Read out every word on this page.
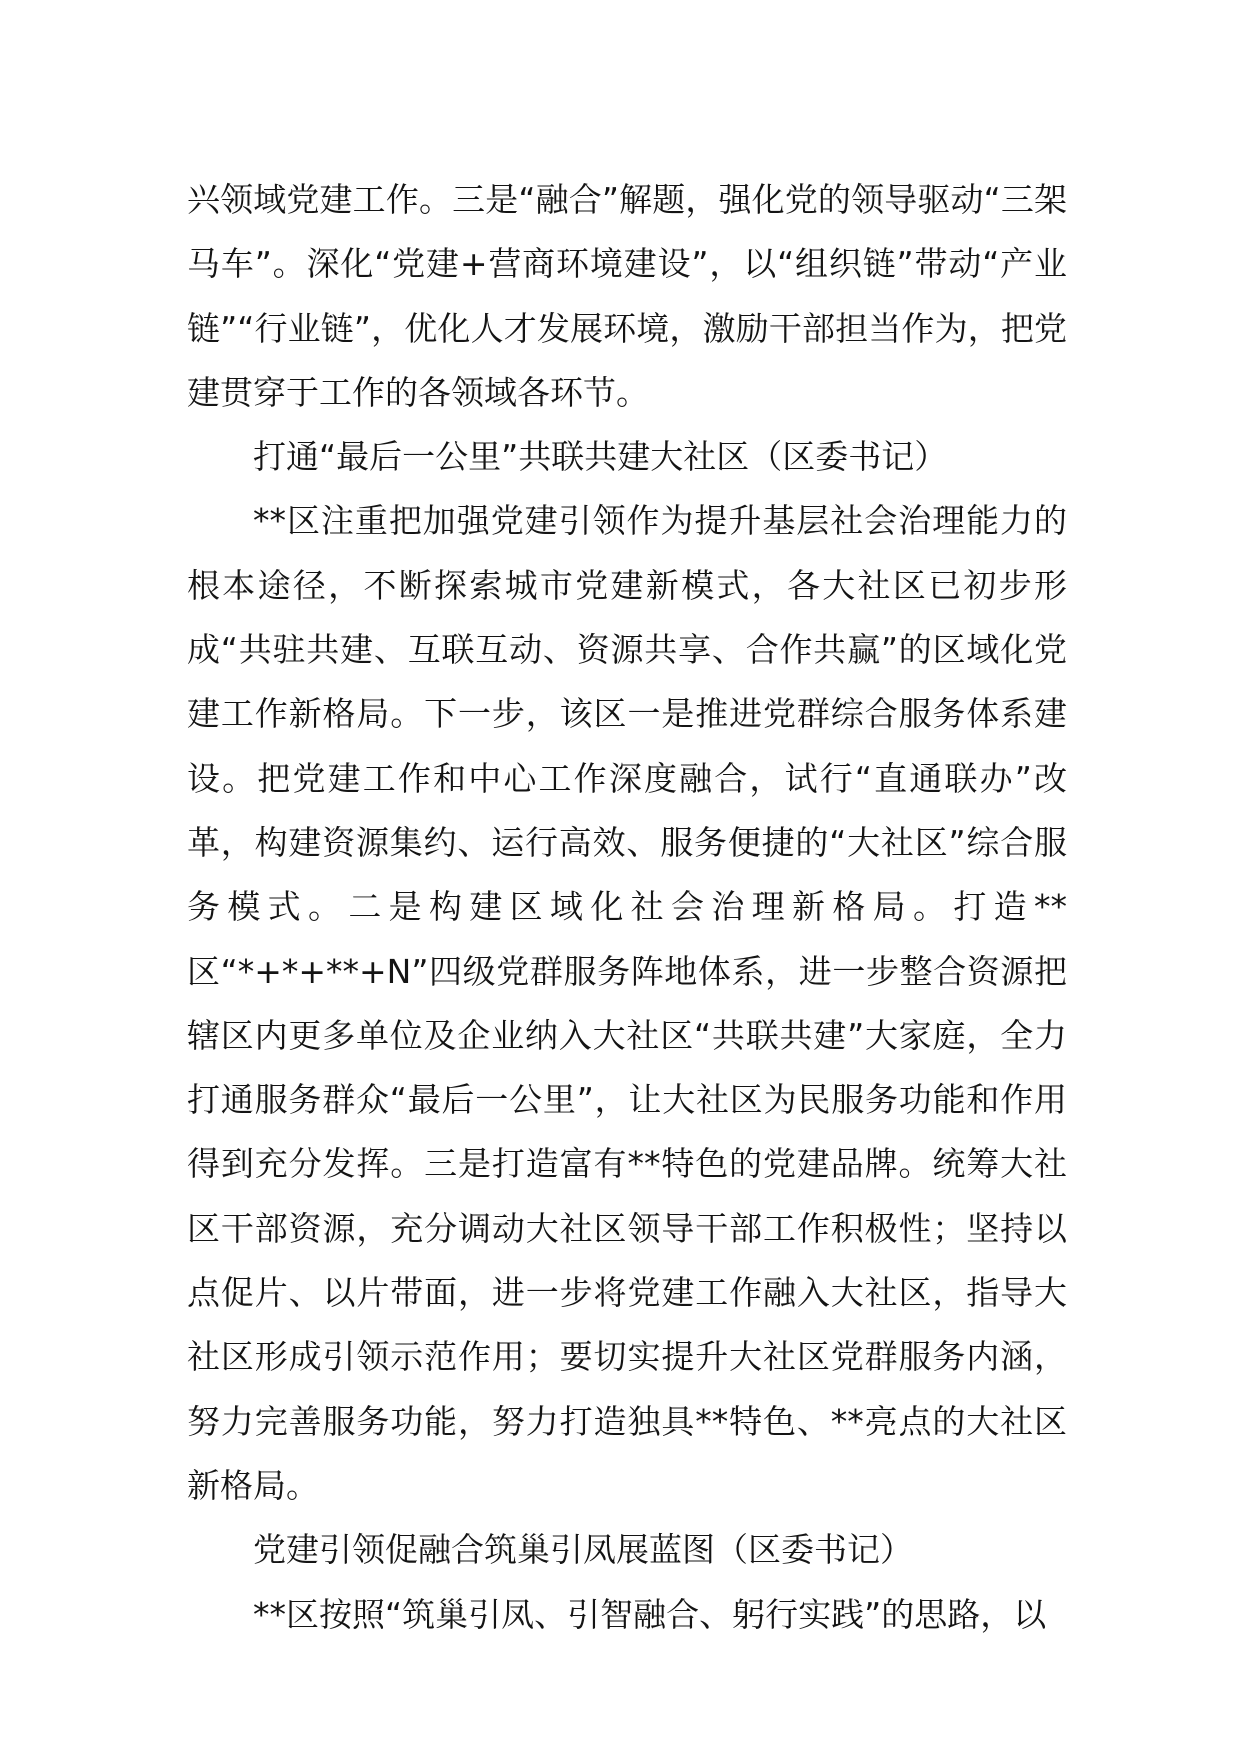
兴领域党建工作。三是“融合”解题，强化党的领导驱动“三架马车”。深化“党建+营商环境建设”，以“组织链”带动“产业链”“行业链”，优化人才发展环境，激励干部担当作为，把党建贯穿于工作的各领域各环节。

打通“最后一公里”共联共建大社区（区委书记）

**区注重把加强党建引领作为提升基层社会治理能力的根本途径，不断探索城市党建新模式，各大社区已初步形成“共驻共建、互联互动、资源共享、合作共赢”的区域化党建工作新格局。下一步，该区一是推进党群综合服务体系建设。把党建工作和中心工作深度融合，试行“直通联办”改革，构建资源集约、运行高效、服务便捷的“大社区”综合服务模式。二是构建区域化社会治理新格局。打造**区“*+*+**+N”四级党群服务阵地体系，进一步整合资源把辖区内更多单位及企业纳入大社区“共联共建”大家庭，全力打通服务群众“最后一公里”，让大社区为民服务功能和作用得到充分发挥。三是打造富有**特色的党建品牌。统筹大社区干部资源，充分调动大社区领导干部工作积极性；坚持以点促片、以片带面，进一步将党建工作融入大社区，指导大社区形成引领示范作用；要切实提升大社区党群服务内涵，努力完善服务功能，努力打造独具**特色、**亮点的大社区新格局。

党建引领促融合筑巢引凤展蓝图（区委书记）

**区按照“筑巢引凤、引智融合、躬行实践”的思路，以
